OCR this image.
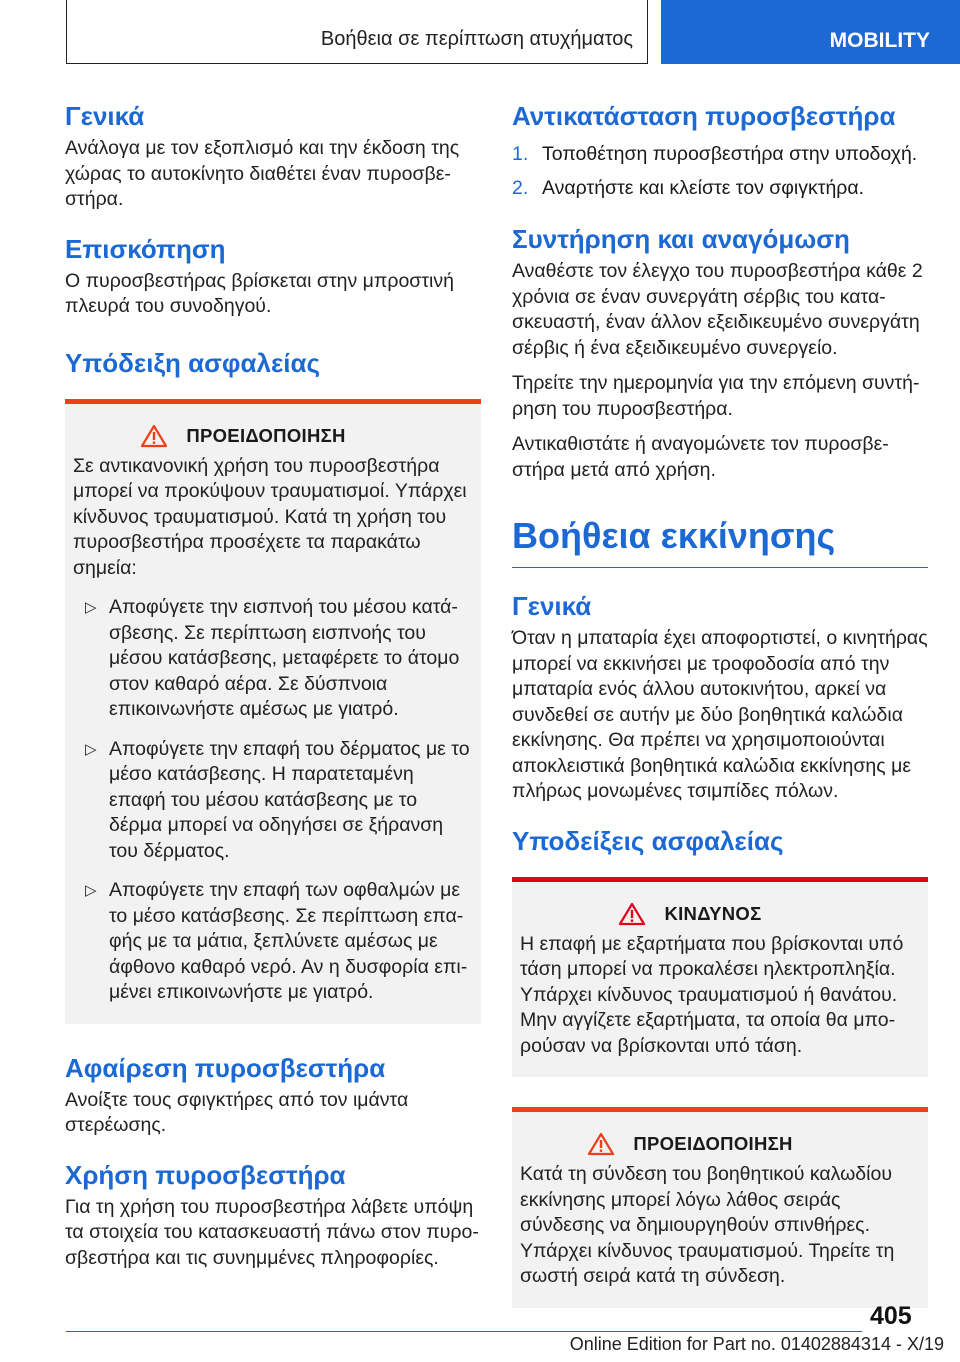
Βοήθεια σε περίπτωση ατυχήματος	MOBILITY
Γενικά

Ανάλογα με τον εξοπλισμό και την έκδοση της χώρας το αυτοκίνητο διαθέτει έναν πυροσβεστήρα.

Επισκόπηση

Ο πυροσβεστήρας βρίσκεται στην μπροστινή πλευρά του συνοδηγού.

Υπόδειξη ασφαλείας
ΠΡΟΕΙΔΟΠΟΙΗΣΗ

Σε αντικανονική χρήση του πυροσβεστήρα μπορεί να προκύψουν τραυματισμοί. Υπάρχει κίνδυνος τραυματισμού. Κατά τη χρήση του πυροσβεστήρα προσέχετε τα παρακάτω σημεία:

▷ Αποφύγετε την εισπνοή του μέσου κατάσβεσης. Σε περίπτωση εισπνοής του μέσου κατάσβεσης, μεταφέρετε το άτομο στον καθαρό αέρα. Σε δύσπνοια επικοινωνήστε αμέσως με γιατρό.
▷ Αποφύγετε την επαφή του δέρματος με το μέσο κατάσβεσης. Η παρατεταμένη επαφή του μέσου κατάσβεσης με το δέρμα μπορεί να οδηγήσει σε ξήρανση του δέρματος.
▷ Αποφύγετε την επαφή των οφθαλμών με το μέσο κατάσβεσης. Σε περίπτωση επαφής με τα μάτια, ξεπλύνετε αμέσως με άφθονο καθαρό νερό. Αν η δυσφορία επιμένει επικοινωνήστε με γιατρό.
Αφαίρεση πυροσβεστήρα

Ανοίξτε τους σφιγκτήρες από τον ιμάντα στερέωσης.

Χρήση πυροσβεστήρα

Για τη χρήση του πυροσβεστήρα λάβετε υπόψη τα στοιχεία του κατασκευαστή πάνω στον πυροσβεστήρα και τις συνημμένες πληροφορίες.

Αντικατάσταση πυροσβεστήρα
1. Τοποθέτηση πυροσβεστήρα στην υποδοχή.
2. Αναρτήστε και κλείστε τον σφιγκτήρα.
Συντήρηση και αναγόμωση

Αναθέστε τον έλεγχο του πυροσβεστήρα κάθε 2 χρόνια σε έναν συνεργάτη σέρβις του κατασκευαστή, έναν άλλον εξειδικευμένο συνεργάτη σέρβις ή ένα εξειδικευμένο συνεργείο.

Τηρείτε την ημερομηνία για την επόμενη συντήρηση του πυροσβεστήρα.

Αντικαθιστάτε ή αναγομώνετε τον πυροσβεστήρα μετά από χρήση.

Βοήθεια εκκίνησης
Γενικά

Όταν η μπαταρία έχει αποφορτιστεί, ο κινητήρας μπορεί να εκκινήσει με τροφοδοσία από την μπαταρία ενός άλλου αυτοκινήτου, αρκεί να συνδεθεί σε αυτήν με δύο βοηθητικά καλώδια εκκίνησης. Θα πρέπει να χρησιμοποιούνται αποκλειστικά βοηθητικά καλώδια εκκίνησης με πλήρως μονωμένες τσιμπίδες πόλων.

Υποδείξεις ασφαλείας
ΚΙΝΔΥΝΟΣ

Η επαφή με εξαρτήματα που βρίσκονται υπό τάση μπορεί να προκαλέσει ηλεκτροπληξία. Υπάρχει κίνδυνος τραυματισμού ή θανάτου. Μην αγγίζετε εξαρτήματα, τα οποία θα μπορούσαν να βρίσκονται υπό τάση.

ΠΡΟΕΙΔΟΠΟΙΗΣΗ

Κατά τη σύνδεση του βοηθητικού καλωδίου εκκίνησης μπορεί λόγω λάθος σειράς σύνδεσης να δημιουργηθούν σπινθήρες. Υπάρχει κίνδυνος τραυματισμού. Τηρείτε τη σωστή σειρά κατά τη σύνδεση.

405
Online Edition for Part no. 01402884314 - X/19
